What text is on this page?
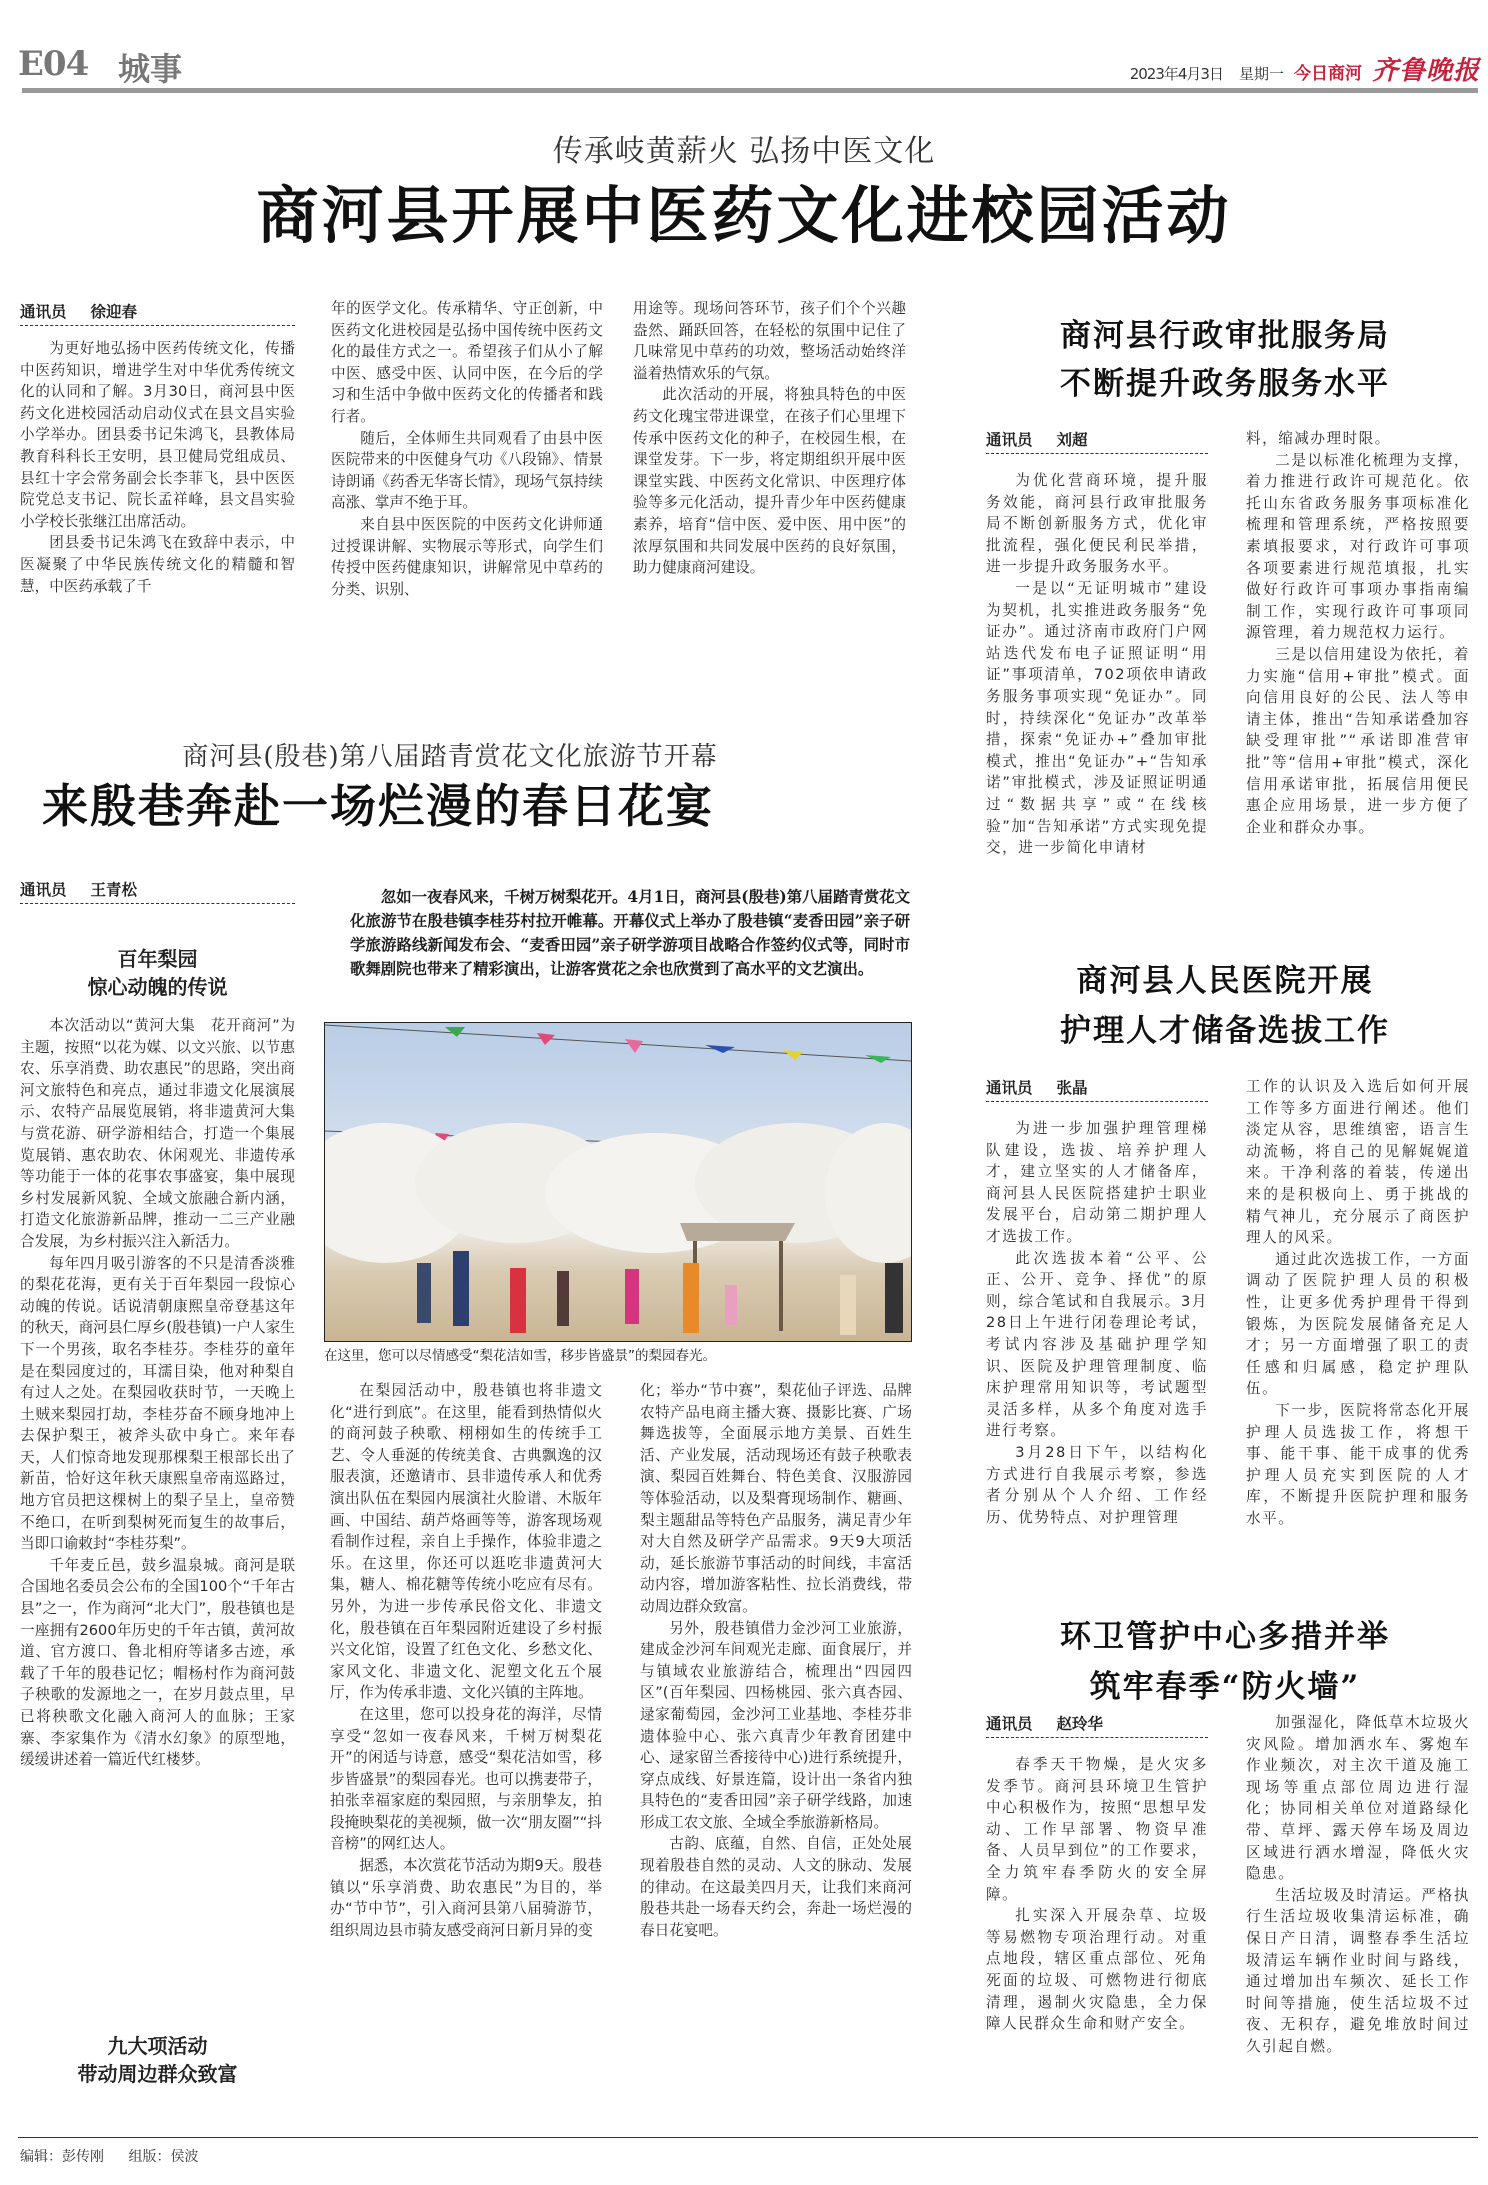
E04 城事	2023年4月3日 星期一 今日商河 齐鲁晚报
传承岐黄薪火 弘扬中医文化
商河县开展中医药文化进校园活动
通讯员 徐迎春

为更好地弘扬中医药传统文化，传播中医药知识，增进学生对中华优秀传统文化的认同和了解。3月30日，商河县中医药文化进校园活动启动仪式在县文昌实验小学举办。团县委书记朱鸿飞，县教体局教育科科长王安明，县卫健局党组成员、县红十字会常务副会长李菲飞，县中医医院党总支书记、院长孟祥峰，县文昌实验小学校长张继江出席活动。

团县委书记朱鸿飞在致辞中表示，中医凝聚了中华民族传统文化的精髓和智慧，中医药承载了千

年的医学文化。传承精华、守正创新，中医药文化进校园是弘扬中国传统中医药文化的最佳方式之一。希望孩子们从小了解中医、感受中医、认同中医，在今后的学习和生活中争做中医药文化的传播者和践行者。

随后，全体师生共同观看了由县中医医院带来的中医健身气功《八段锦》、情景诗朗诵《药香无华寄长情》，现场气氛持续高涨、掌声不绝于耳。

来自县中医医院的中医药文化讲师通过授课讲解、实物展示等形式，向学生们传授中医药健康知识，讲解常见中草药的分类、识别、

用途等。现场问答环节，孩子们个个兴趣盎然、踊跃回答，在轻松的氛围中记住了几味常见中草药的功效，整场活动始终洋溢着热情欢乐的气氛。

此次活动的开展，将独具特色的中医药文化瑰宝带进课堂，在孩子们心里埋下传承中医药文化的种子，在校园生根，在课堂发芽。下一步，将定期组织开展中医课堂实践、中医药文化常识、中医理疗体验等多元化活动，提升青少年中医药健康素养，培育“信中医、爱中医、用中医”的浓厚氛围和共同发展中医药的良好氛围，助力健康商河建设。

商河县行政审批服务局
不断提升政务服务水平
通讯员 刘超

为优化营商环境，提升服务效能，商河县行政审批服务局不断创新服务方式，优化审批流程，强化便民利民举措，进一步提升政务服务水平。

一是以“无证明城市”建设为契机，扎实推进政务服务“免证办”。通过济南市政府门户网站迭代发布电子证照证明“用证”事项清单，702项依申请政务服务事项实现“免证办”。同时，持续深化“免证办”改革举措，探索“免证办+”叠加审批模式，推出“免证办”+“告知承诺”审批模式，涉及证照证明通过“数据共享”或“在线核验”加“告知承诺”方式实现免提交，进一步简化申请材

料，缩减办理时限。

二是以标准化梳理为支撑，着力推进行政许可规范化。依托山东省政务服务事项标准化梳理和管理系统，严格按照要素填报要求，对行政许可事项各项要素进行规范填报，扎实做好行政许可事项办事指南编制工作，实现行政许可事项同源管理，着力规范权力运行。

三是以信用建设为依托，着力实施“信用+审批”模式。面向信用良好的公民、法人等申请主体，推出“告知承诺叠加容缺受理审批”“承诺即准营审批”等“信用+审批”模式，深化信用承诺审批，拓展信用便民惠企应用场景，进一步方便了企业和群众办事。

商河县人民医院开展
护理人才储备选拔工作
通讯员 张晶

为进一步加强护理管理梯队建设，选拔、培养护理人才，建立坚实的人才储备库，商河县人民医院搭建护士职业发展平台，启动第二期护理人才选拔工作。

此次选拔本着“公平、公正、公开、竞争、择优”的原则，综合笔试和自我展示。3月28日上午进行闭卷理论考试，考试内容涉及基础护理学知识、医院及护理管理制度、临床护理常用知识等，考试题型灵活多样，从多个角度对选手进行考察。

3月28日下午，以结构化方式进行自我展示考察，参选者分别从个人介绍、工作经历、优势特点、对护理管理

工作的认识及入选后如何开展工作等多方面进行阐述。他们淡定从容，思维缜密，语言生动流畅，将自己的见解娓娓道来。干净利落的着装，传递出来的是积极向上、勇于挑战的精气神儿，充分展示了商医护理人的风采。

通过此次选拔工作，一方面调动了医院护理人员的积极性，让更多优秀护理骨干得到锻炼，为医院发展储备充足人才；另一方面增强了职工的责任感和归属感，稳定护理队伍。

下一步，医院将常态化开展护理人员选拔工作，将想干事、能干事、能干成事的优秀护理人员充实到医院的人才库，不断提升医院护理和服务水平。

环卫管护中心多措并举
筑牢春季“防火墙”
通讯员 赵玲华

春季天干物燥，是火灾多发季节。商河县环境卫生管护中心积极作为，按照“思想早发动、工作早部署、物资早准备、人员早到位”的工作要求，全力筑牢春季防火的安全屏障。

扎实深入开展杂草、垃圾等易燃物专项治理行动。对重点地段，辖区重点部位、死角死面的垃圾、可燃物进行彻底清理，遏制火灾隐患，全力保障人民群众生命和财产安全。

加强湿化，降低草木垃圾火灾风险。增加洒水车、雾炮车作业频次，对主次干道及施工现场等重点部位周边进行湿化；协同相关单位对道路绿化带、草坪、露天停车场及周边区域进行洒水增湿，降低火灾隐患。

生活垃圾及时清运。严格执行生活垃圾收集清运标准，确保日产日清，调整春季生活垃圾清运车辆作业时间与路线，通过增加出车频次、延长工作时间等措施，使生活垃圾不过夜、无积存，避免堆放时间过久引起自燃。

商河县(殷巷)第八届踏青赏花文化旅游节开幕
来殷巷奔赴一场烂漫的春日花宴
通讯员 王青松
百年梨园
惊心动魄的传说

本次活动以“黄河大集　花开商河”为主题，按照“以花为媒、以文兴旅、以节惠农、乐享消费、助农惠民”的思路，突出商河文旅特色和亮点，通过非遗文化展演展示、农特产品展览展销，将非遗黄河大集与赏花游、研学游相结合，打造一个集展览展销、惠农助农、休闲观光、非遗传承等功能于一体的花事农事盛宴，集中展现乡村发展新风貌、全域文旅融合新内涵，打造文化旅游新品牌，推动一二三产业融合发展，为乡村振兴注入新活力。

每年四月吸引游客的不只是清香淡雅的梨花花海，更有关于百年梨园一段惊心动魄的传说。话说清朝康熙皇帝登基这年的秋天，商河县仁厚乡(殷巷镇)一户人家生下一个男孩，取名李桂芬。李桂芬的童年是在梨园度过的，耳濡目染，他对种梨自有过人之处。在梨园收获时节，一天晚上土贼来梨园打劫，李桂芬奋不顾身地冲上去保护梨王，被斧头砍中身亡。来年春天，人们惊奇地发现那棵梨王根部长出了新苗，恰好这年秋天康熙皇帝南巡路过，地方官员把这棵树上的梨子呈上，皇帝赞不绝口，在听到梨树死而复生的故事后，当即口谕敕封“李桂芬梨”。

千年麦丘邑，鼓乡温泉城。商河是联合国地名委员会公布的全国100个“千年古县”之一，作为商河“北大门”，殷巷镇也是一座拥有2600年历史的千年古镇，黄河故道、官方渡口、鲁北相府等诸多古迹，承载了千年的殷巷记忆；帽杨村作为商河鼓子秧歌的发源地之一，在岁月鼓点里，早已将秧歌文化融入商河人的血脉；王家寨、李家集作为《清水幻象》的原型地，缓缓讲述着一篇近代红楼梦。

九大项活动
带动周边群众致富

忽如一夜春风来，千树万树梨花开。4月1日，商河县(殷巷)第八届踏青赏花文化旅游节在殷巷镇李桂芬村拉开帷幕。开幕仪式上举办了殷巷镇“麦香田园”亲子研学旅游路线新闻发布会、“麦香田园”亲子研学游项目战略合作签约仪式等，同时市歌舞剧院也带来了精彩演出，让游客赏花之余也欣赏到了高水平的文艺演出。

在这里，您可以尽情感受“梨花洁如雪，移步皆盛景”的梨园春光。

在梨园活动中，殷巷镇也将非遗文化“进行到底”。在这里，能看到热情似火的商河鼓子秧歌、栩栩如生的传统手工艺、令人垂涎的传统美食、古典飘逸的汉服表演，还邀请市、县非遗传承人和优秀演出队伍在梨园内展演社火脸谱、木版年画、中国结、葫芦烙画等等，游客现场观看制作过程，亲自上手操作，体验非遗之乐。在这里，你还可以逛吃非遗黄河大集，糖人、棉花糖等传统小吃应有尽有。另外，为进一步传承民俗文化、非遗文化，殷巷镇在百年梨园附近建设了乡村振兴文化馆，设置了红色文化、乡愁文化、家风文化、非遗文化、泥塑文化五个展厅，作为传承非遗、文化兴镇的主阵地。

在这里，您可以投身花的海洋，尽情享受“忽如一夜春风来，千树万树梨花开”的闲适与诗意，感受“梨花洁如雪，移步皆盛景”的梨园春光。也可以携妻带子，拍张幸福家庭的梨园照，与亲朋挚友，拍段掩映梨花的美视频，做一次“朋友圈”“抖音榜”的网红达人。

据悉，本次赏花节活动为期9天。殷巷镇以“乐享消费、助农惠民”为目的，举办“节中节”，引入商河县第八届骑游节，组织周边县市骑友感受商河日新月异的变

化；举办“节中赛”，梨花仙子评选、品牌农特产品电商主播大赛、摄影比赛、广场舞选拔等，全面展示地方美景、百姓生活、产业发展，活动现场还有鼓子秧歌表演、梨园百姓舞台、特色美食、汉服游园等体验活动，以及梨膏现场制作、糖画、梨主题甜品等特色产品服务，满足青少年对大自然及研学产品需求。9天9大项活动，延长旅游节事活动的时间线，丰富活动内容，增加游客粘性、拉长消费线，带动周边群众致富。

另外，殷巷镇借力金沙河工业旅游，建成金沙河车间观光走廊、面食展厅，并与镇域农业旅游结合，梳理出“四园四区”(百年梨园、四杨桃园、张六真杏园、逯家葡萄园，金沙河工业基地、李桂芬非遗体验中心、张六真青少年教育团建中心、逯家留兰香接待中心)进行系统提升，穿点成线、好景连篇，设计出一条省内独具特色的“麦香田园”亲子研学线路，加速形成工农文旅、全域全季旅游新格局。

古韵、底蕴，自然、自信，正处处展现着殷巷自然的灵动、人文的脉动、发展的律动。在这最美四月天，让我们来商河殷巷共赴一场春天约会，奔赴一场烂漫的春日花宴吧。

编辑：彭传刚 组版：侯波
